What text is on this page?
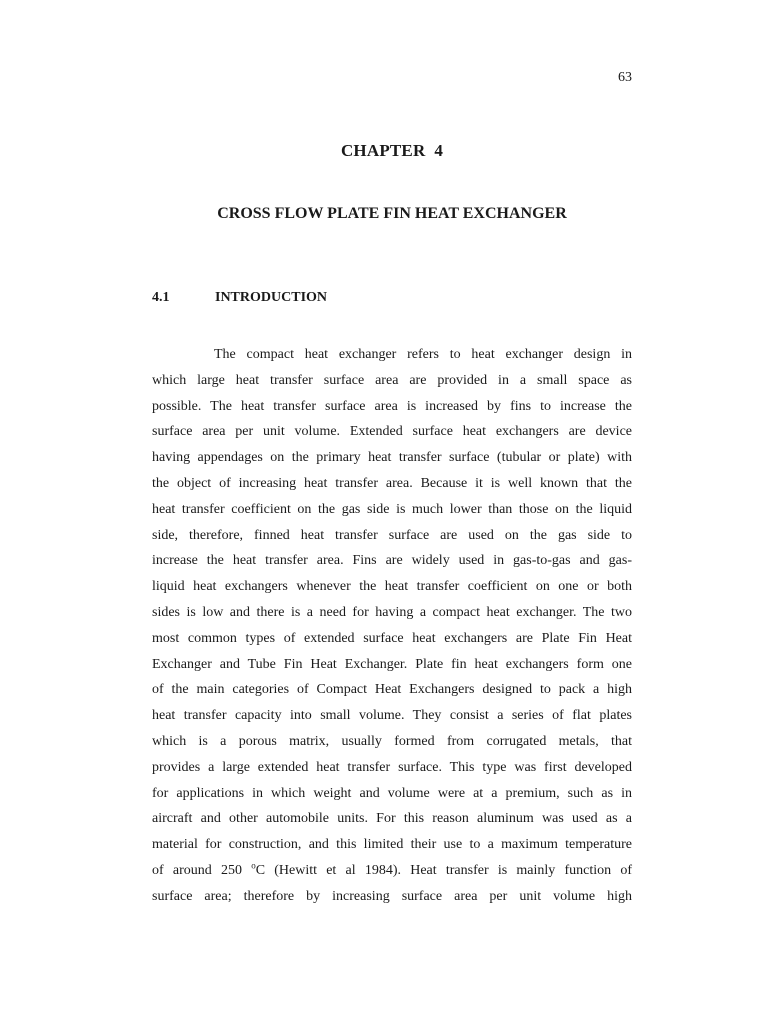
63
CHAPTER  4
CROSS FLOW PLATE FIN HEAT EXCHANGER
4.1	INTRODUCTION
The compact heat exchanger refers to heat exchanger design in
which large heat transfer surface area are provided in a small space as
possible. The heat transfer surface area is increased by fins to increase the
surface area per unit volume. Extended surface heat exchangers are device
having appendages on the primary heat transfer surface (tubular or plate) with
the object of increasing heat transfer area. Because it is well known that the
heat transfer coefficient on the gas side is much lower than those on the liquid
side, therefore, finned heat transfer surface are used on the gas side to
increase the heat transfer area. Fins are widely used in gas-to-gas and gas-
liquid heat exchangers whenever the heat transfer coefficient on one or both
sides is low and there is a need for having a compact heat exchanger. The two
most common types of extended surface heat exchangers are Plate Fin Heat
Exchanger and Tube Fin Heat Exchanger. Plate fin heat exchangers form one
of the main categories of Compact Heat Exchangers designed to pack a high
heat transfer capacity into small volume. They consist a series of flat plates
which is a porous matrix, usually formed from corrugated metals, that
provides a large extended heat transfer surface. This type was first developed
for applications in which weight and volume were at a premium, such as in
aircraft and other automobile units. For this reason aluminum was used as a
material for construction, and this limited their use to a maximum temperature
of around 250 $^o$C (Hewitt et al 1984). Heat transfer is mainly function of
surface area; therefore by increasing surface area per unit volume high
